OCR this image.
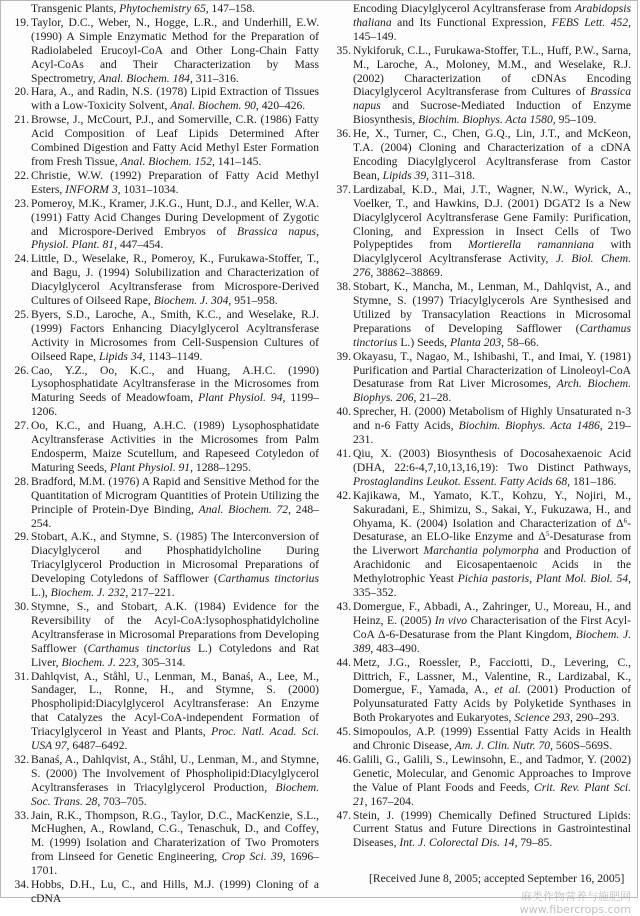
Transgenic Plants, Phytochemistry 65, 147–158.

19. Taylor, D.C., Weber, N., Hogge, L.R., and Underhill, E.W. (1990) A Simple Enzymatic Method for the Preparation of Radiolabeled Erucoyl-CoA and Other Long-Chain Fatty Acyl-CoAs and Their Characterization by Mass Spectrometry, Anal. Biochem. 184, 311–316.

20. Hara, A., and Radin, N.S. (1978) Lipid Extraction of Tissues with a Low-Toxicity Solvent, Anal. Biochem. 90, 420–426.

21. Browse, J., McCourt, P.J., and Somerville, C.R. (1986) Fatty Acid Composition of Leaf Lipids Determined After Combined Digestion and Fatty Acid Methyl Ester Formation from Fresh Tissue, Anal. Biochem. 152, 141–145.

22. Christie, W.W. (1992) Preparation of Fatty Acid Methyl Esters, INFORM 3, 1031–1034.

23. Pomeroy, M.K., Kramer, J.K.G., Hunt, D.J., and Keller, W.A. (1991) Fatty Acid Changes During Development of Zygotic and Microspore-Derived Embryos of Brassica napus, Physiol. Plant. 81, 447–454.

24. Little, D., Weselake, R., Pomeroy, K., Furukawa-Stoffer, T., and Bagu, J. (1994) Solubilization and Characterization of Diacylglycerol Acyltransferase from Microspore-Derived Cultures of Oilseed Rape, Biochem. J. 304, 951–958.

25. Byers, S.D., Laroche, A., Smith, K.C., and Weselake, R.J. (1999) Factors Enhancing Diacylglycerol Acyltransferase Activity in Microsomes from Cell-Suspension Cultures of Oilseed Rape, Lipids 34, 1143–1149.

26. Cao, Y.Z., Oo, K.C., and Huang, A.H.C. (1990) Lysophosphatidate Acyltransferase in the Microsomes from Maturing Seeds of Meadowfoam, Plant Physiol. 94, 1199–1206.

27. Oo, K.C., and Huang, A.H.C. (1989) Lysophosphatidate Acyltransferase Activities in the Microsomes from Palm Endosperm, Maize Scutellum, and Rapeseed Cotyledon of Maturing Seeds, Plant Physiol. 91, 1288–1295.

28. Bradford, M.M. (1976) A Rapid and Sensitive Method for the Quantitation of Microgram Quantities of Protein Utilizing the Principle of Protein-Dye Binding, Anal. Biochem. 72, 248–254.

29. Stobart, A.K., and Stymne, S. (1985) The Interconversion of Diacylglycerol and Phosphatidylcholine During Triacylglycerol Production in Microsomal Preparations of Developing Cotyledons of Safflower (Carthamus tinctorius L.), Biochem. J. 232, 217–221.

30. Stymne, S., and Stobart, A.K. (1984) Evidence for the Reversibility of the Acyl-CoA:lysophosphatidylcholine Acyltransferase in Microsomal Preparations from Developing Safflower (Carthamus tinctorius L.) Cotyledons and Rat Liver, Biochem. J. 223, 305–314.

31. Dahlqvist, A., Ståhl, U., Lenman, M., Banaś, A., Lee, M., Sandager, L., Ronne, H., and Stymne, S. (2000) Phospholipid:Diacylglycerol Acyltransferase: An Enzyme that Catalyzes the Acyl-CoA-independent Formation of Triacylglycerol in Yeast and Plants, Proc. Natl. Acad. Sci. USA 97, 6487–6492.

32. Banaś, A., Dahlqvist, A., Ståhl, U., Lenman, M., and Stymne, S. (2000) The Involvement of Phospholipid:Diacylglycerol Acyltransferases in Triacylglycerol Production, Biochem. Soc. Trans. 28, 703–705.

33. Jain, R.K., Thompson, R.G., Taylor, D.C., MacKenzie, S.L., McHughen, A., Rowland, C.G., Tenaschuk, D., and Coffey, M. (1999) Isolation and Charaterization of Two Promoters from Linseed for Genetic Engineering, Crop Sci. 39, 1696–1701.

34. Hobbs, D.H., Lu, C., and Hills, M.J. (1999) Cloning of a cDNA

Encoding Diacylglycerol Acyltransferase from Arabidopsis thaliana and Its Functional Expression, FEBS Lett. 452, 145–149.

35. Nykiforuk, C.L., Furukawa-Stoffer, T.L., Huff, P.W., Sarna, M., Laroche, A., Moloney, M.M., and Weselake, R.J. (2002) Characterization of cDNAs Encoding Diacylglycerol Acyltransferase from Cultures of Brassica napus and Sucrose-Mediated Induction of Enzyme Biosynthesis, Biochim. Biophys. Acta 1580, 95–109.

36. He, X., Turner, C., Chen, G.Q., Lin, J.T., and McKeon, T.A. (2004) Cloning and Characterization of a cDNA Encoding Diacylglycerol Acyltransferase from Castor Bean, Lipids 39, 311–318.

37. Lardizabal, K.D., Mai, J.T., Wagner, N.W., Wyrick, A., Voelker, T., and Hawkins, D.J. (2001) DGAT2 Is a New Diacylglycerol Acyltransferase Gene Family: Purification, Cloning, and Expression in Insect Cells of Two Polypeptides from Mortierella ramanniana with Diacylglycerol Acyltransferase Activity, J. Biol. Chem. 276, 38862–38869.

38. Stobart, K., Mancha, M., Lenman, M., Dahlqvist, A., and Stymne, S. (1997) Triacylglycerols Are Synthesised and Utilized by Transacylation Reactions in Microsomal Preparations of Developing Safflower (Carthamus tinctorius L.) Seeds, Planta 203, 58–66.

39. Okayasu, T., Nagao, M., Ishibashi, T., and Imai, Y. (1981) Purification and Partial Characterization of Linoleoyl-CoA Desaturase from Rat Liver Microsomes, Arch. Biochem. Biophys. 206, 21–28.

40. Sprecher, H. (2000) Metabolism of Highly Unsaturated n-3 and n-6 Fatty Acids, Biochim. Biophys. Acta 1486, 219–231.

41. Qiu, X. (2003) Biosynthesis of Docosahexaenoic Acid (DHA, 22:6-4,7,10,13,16,19): Two Distinct Pathways, Prostaglandins Leukot. Essent. Fatty Acids 68, 181–186.

42. Kajikawa, M., Yamato, K.T., Kohzu, Y., Nojiri, M., Sakuradani, E., Shimizu, S., Sakai, Y., Fukuzawa, H., and Ohyama, K. (2004) Isolation and Characterization of $\Delta^6$-Desaturase, an ELO-like Enzyme and $\Delta^5$-Desaturase from the Liverwort Marchantia polymorpha and Production of Arachidonic and Eicosapentaenoic Acids in the Methylotrophic Yeast Pichia pastoris, Plant Mol. Biol. 54, 335–352.

43. Domergue, F., Abbadi, A., Zahringer, U., Moreau, H., and Heinz, E. (2005) In vivo Characterisation of the First Acyl-CoA Δ-6-Desaturase from the Plant Kingdom, Biochem. J. 389, 483–490.

44. Metz, J.G., Roessler, P., Facciotti, D., Levering, C., Dittrich, F., Lassner, M., Valentine, R., Lardizabal, K., Domergue, F., Yamada, A., et al. (2001) Production of Polyunsaturated Fatty Acids by Polyketide Synthases in Both Prokaryotes and Eukaryotes, Science 293, 290–293.

45. Simopoulos, A.P. (1999) Essential Fatty Acids in Health and Chronic Disease, Am. J. Clin. Nutr. 70, 560S–569S.

46. Galili, G., Galili, S., Lewinsohn, E., and Tadmor, Y. (2002) Genetic, Molecular, and Genomic Approaches to Improve the Value of Plant Foods and Feeds, Crit. Rev. Plant Sci. 21, 167–204.

47. Stein, J. (1999) Chemically Defined Structured Lipids: Current Status and Future Directions in Gastrointestinal Diseases, Int. J. Colorectal Dis. 14, 79–85.

[Received June 8, 2005; accepted September 16, 2005]
麻类作物营养与施肥网
www.fibercrops.com
